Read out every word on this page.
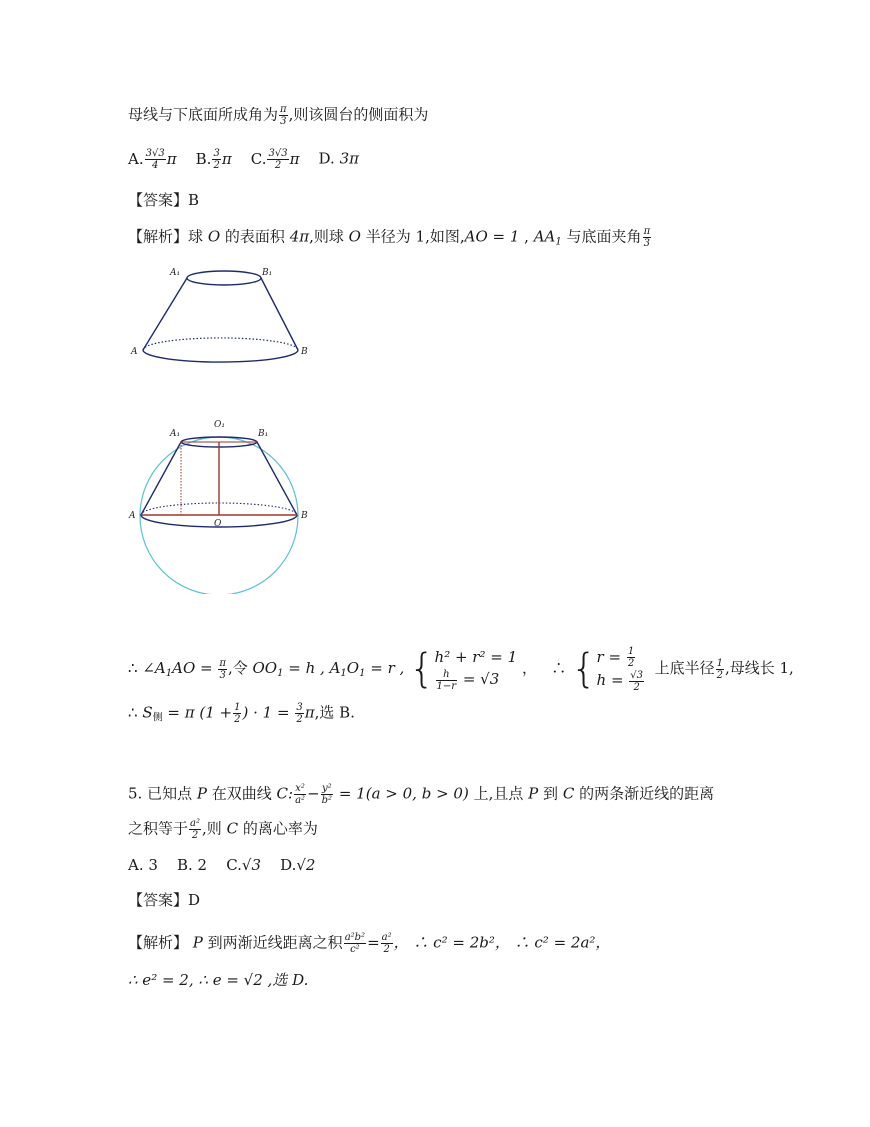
母线与下底面所成角为 $\frac{\pi}{3}$ ,则该圆台的侧面积为
A. $\frac{3√3}{4}$ π B. $\frac{3}{2}$ π C. $\frac{3√3}{2}$ π D. 3π
【答案】B
【解析】球 O 的表面积 4π,则球 O 半径为 1,如图,AO = 1 , $AA_1$ 与底面夹角 $\frac{\pi}{3}$
A₁	B₁
A	B
O₁
A₁	B₁
A	B
O
∴ $\angle A_1AO = \frac{\pi}{3}$ ,令 $OO_1 = h$ , $A_1O_1 = r$ , { h² + r² = 1
$\frac{h}{1-r} = √3$
， ∴ { $r = \frac{1}{2}$
$h = \frac{√3}{2}$
上底半径 $\frac{1}{2}$ ,母线长 1,
∴ $S_侧 = \pi$ ($1 + \frac{1}{2}$ ) · $1 = \frac{3}{2} \pi$,选 B.
5. 已知点 P 在双曲线 C: $\frac{\text{x²}}{\text{a²}} - \frac{\text{y²}}{\text{b²}} = 1(a > 0$, b > 0) 上,且点 P 到 C 的两条渐近线的距离
之积等于 $\frac{\text{a²}}{2}$ ,则 C 的离心率为
A. 3 B. 2 C.√3 D.√2
【答案】D
【解析】 P 到两渐近线距离之积 $\frac{\text{a²b²}}{\text{c²}} = \frac{\text{a²}}{2}$ ， ∴ c² = 2b²， ∴ c² = 2a²，
∴ e² = 2, ∴ e = √2 ,选 D.
